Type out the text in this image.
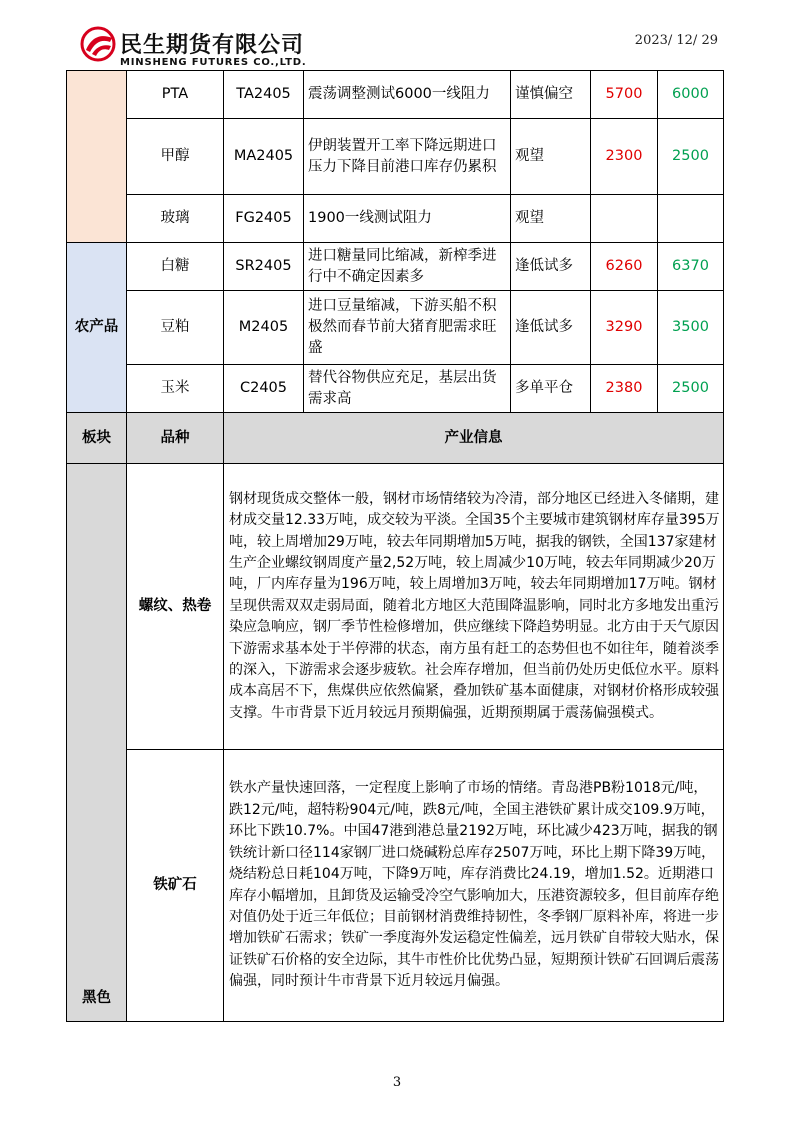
民生期货有限公司
MINSHENG FUTURES CO.,LTD.
2023/ 12/ 29
	PTA	TA2405	震荡调整测试6000一线阻力	谨慎偏空	5700	6000
	甲醇	MA2405	伊朗装置开工率下降远期进口压力下降目前港口库存仍累积	观望	2300	2500
	玻璃	FG2405	1900一线测试阻力	观望		
农产品	白糖	SR2405	进口糖量同比缩减，新榨季进行中不确定因素多	逢低试多	6260	6370
	豆粕	M2405	进口豆量缩减，下游买船不积极然而春节前大猪育肥需求旺盛	逢低试多	3290	3500
	玉米	C2405	替代谷物供应充足，基层出货需求高	多单平仓	2380	2500
板块	品种	产业信息				
黑色	螺纹、热卷	钢材现货成交整体一般，钢材市场情绪较为冷清，部分地区已经进入冬储期，建材成交量12.33万吨，成交较为平淡。全国35个主要城市建筑钢材库存量395万吨，较上周增加29万吨，较去年同期增加5万吨，据我的钢铁，全国137家建材生产企业螺纹钢周度产量2,52万吨，较上周减少10万吨，较去年同期减少20万吨，厂内库存量为196万吨，较上周增加3万吨，较去年同期增加17万吨。钢材呈现供需双双走弱局面，随着北方地区大范围降温影响，同时北方多地发出重污染应急响应，钢厂季节性检修增加，供应继续下降趋势明显。北方由于天气原因下游需求基本处于半停滞的状态，南方虽有赶工的态势但也不如往年，随着淡季的深入，下游需求会逐步疲软。社会库存增加，但当前仍处历史低位水平。原料成本高居不下，焦煤供应依然偏紧，叠加铁矿基本面健康，对钢材价格形成较强支撑。牛市背景下近月较远月预期偏强，近期预期属于震荡偏强模式。				
	铁矿石	铁水产量快速回落，一定程度上影响了市场的情绪。青岛港PB粉1018元/吨，跌12元/吨，超特粉904元/吨，跌8元/吨，全国主港铁矿累计成交109.9万吨，环比下跌10.7%。中国47港到港总量2192万吨，环比减少423万吨，据我的钢铁统计新口径114家钢厂进口烧碱粉总库存2507万吨，环比上期下降39万吨，烧结粉总日耗104万吨，下降9万吨，库存消费比24.19，增加1.52。近期港口库存小幅增加，且卸货及运输受冷空气影响加大，压港资源较多，但目前库存绝对值仍处于近三年低位；目前钢材消费维持韧性，冬季钢厂原料补库，将进一步增加铁矿石需求；铁矿一季度海外发运稳定性偏差，远月铁矿自带较大贴水，保证铁矿石价格的安全边际，其牛市性价比优势凸显，短期预计铁矿石回调后震荡偏强，同时预计牛市背景下近月较远月偏强。				
3
